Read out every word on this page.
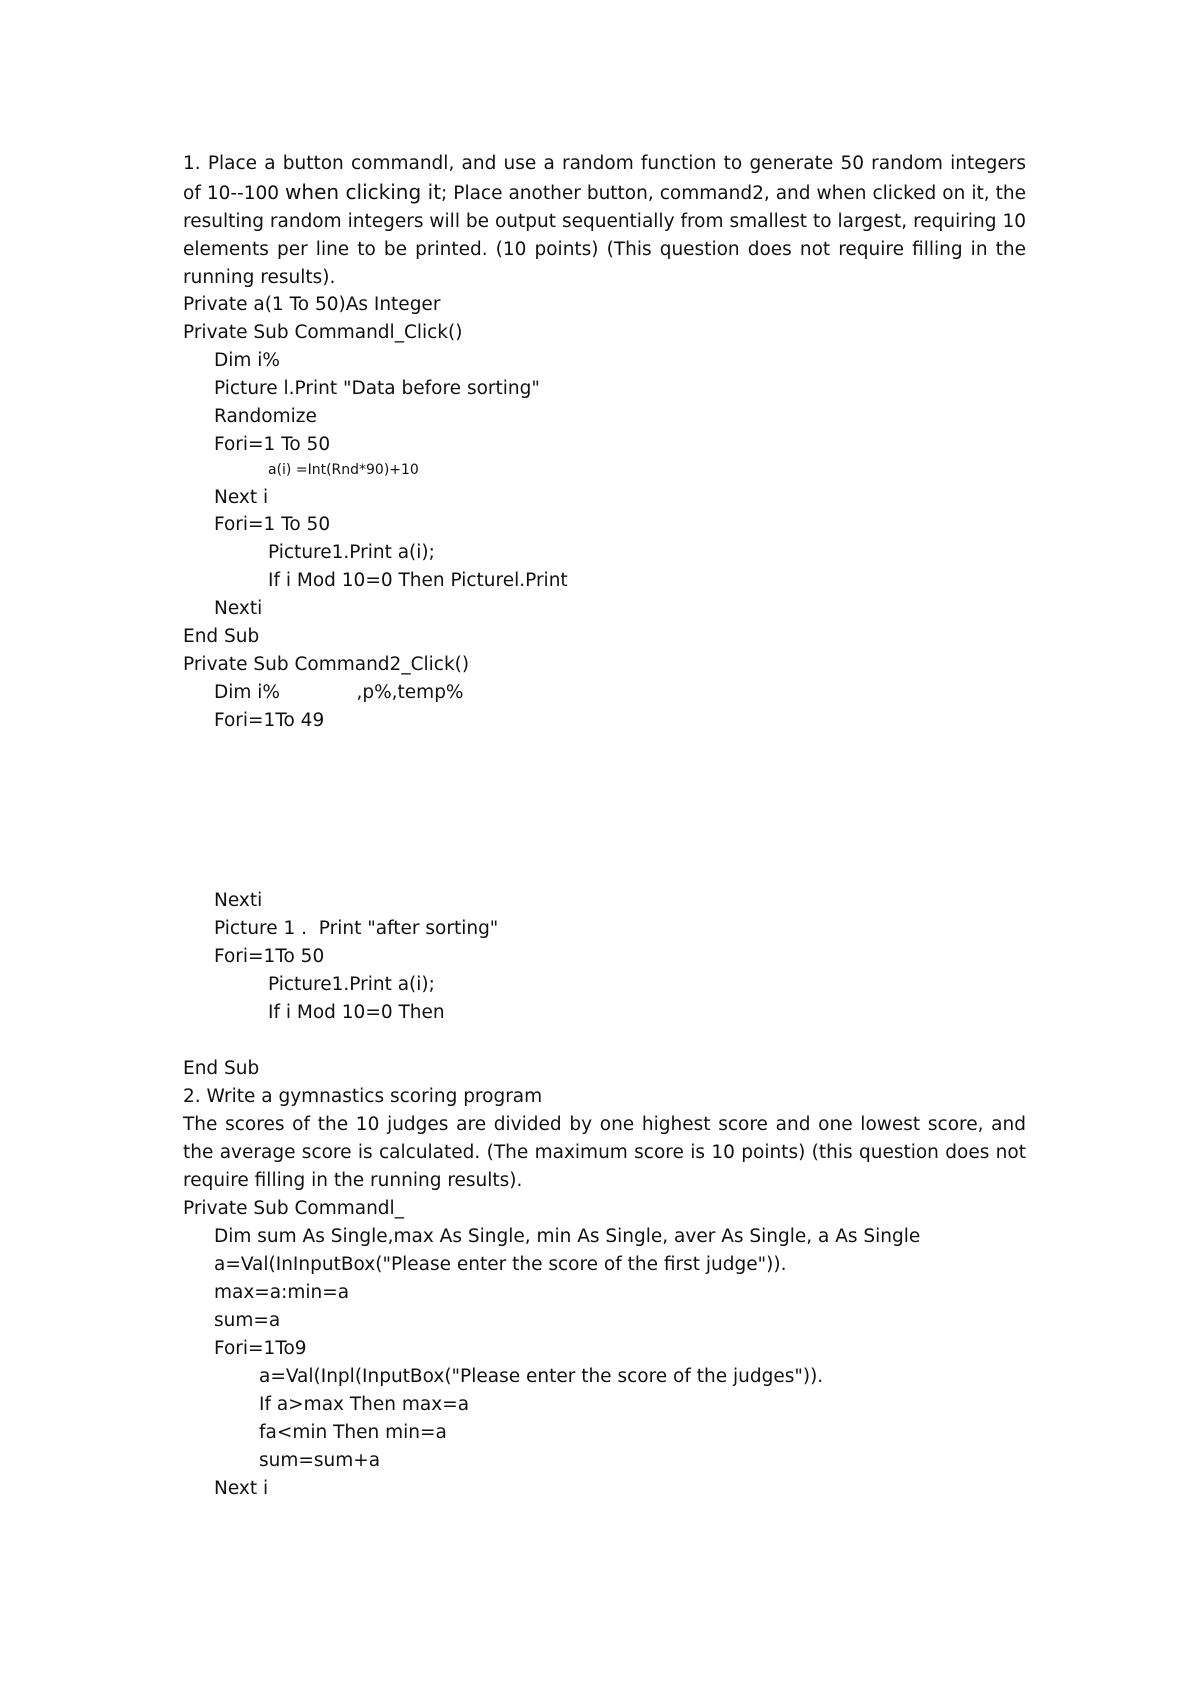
1. Place a button commandl, and use a random function to generate 50 random integers of 10--100 when clicking it; Place another button, command2, and when clicked on it, the resulting random integers will be output sequentially from smallest to largest, requiring 10 elements per line to be printed. (10 points) (This question does not require filling in the running results).

Private a(1 To 50)As Integer
Private Sub Commandl_Click()
Dim i%
Picture l.Print "Data before sorting"
Randomize
Fori=1 To 50
a(i) =Int(Rnd*90)+10
Next i
Fori=1 To 50
Picture1.Print a(i);
If i Mod 10=0 Then Picturel.Print
Nexti
End Sub
Private Sub Command2_Click()
Dim i%             ,p%,temp%
Fori=1To 49
Nexti
Picture 1 .  Print "after sorting"
Fori=1To 50
Picture1.Print a(i);
If i Mod 10=0 Then
End Sub
2. Write a gymnastics scoring program

The scores of the 10 judges are divided by one highest score and one lowest score, and the average score is calculated. (The maximum score is 10 points) (this question does not require filling in the running results).

Private Sub Commandl_
Dim sum As Single,max As Single, min As Single, aver As Single, a As Single
a=Val(InInputBox("Please enter the score of the first judge")).
max=a:min=a
sum=a
Fori=1To9
a=Val(Inpl(InputBox("Please enter the score of the judges")).
If a>max Then max=a
fa<min Then min=a
sum=sum+a
Next i
